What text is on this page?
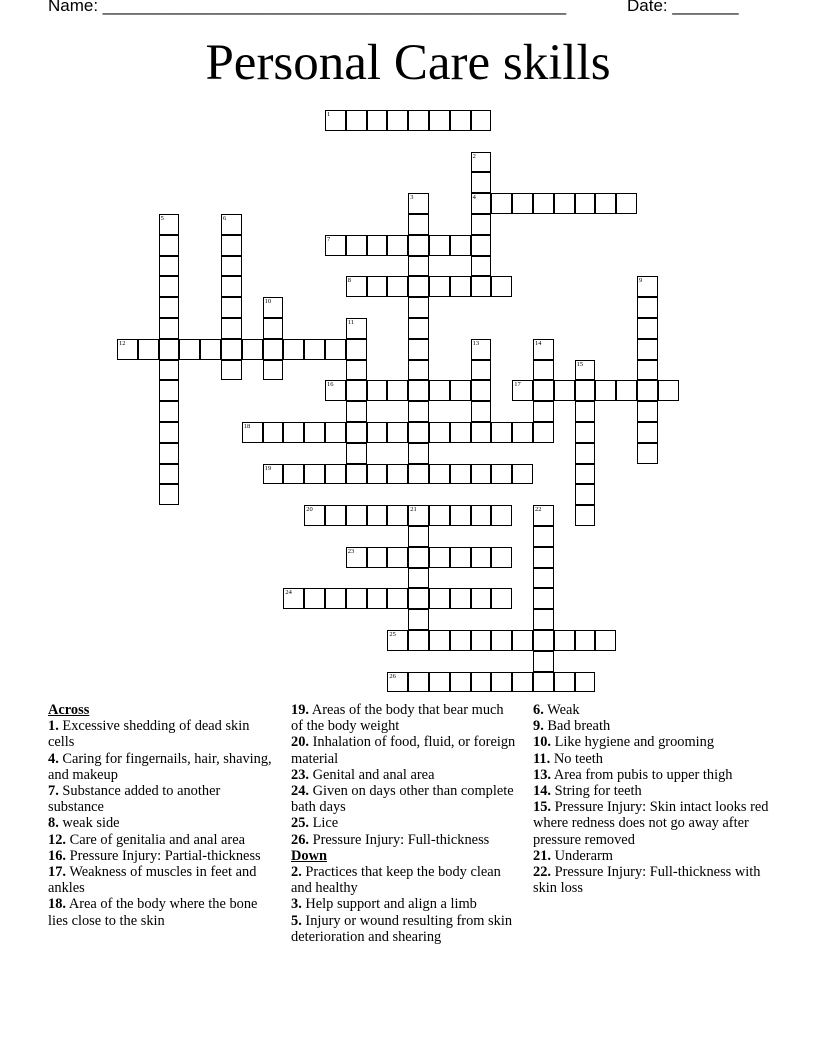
Name: _________________________________________________	Date: _______
Personal Care skills
1
4
7
8
12
16	17
18
19
20	21
23
24
25
26
2
3
5	6
9
10
11
13	14
15
22

Across

1. Excessive shedding of dead skin cells

4. Caring for fingernails, hair, shaving, and makeup

7. Substance added to another substance

8. weak side

12. Care of genitalia and anal area

16. Pressure Injury: Partial-thickness

17. Weakness of muscles in feet and ankles

18. Area of the body where the bone lies close to the skin

19. Areas of the body that bear much of the body weight

20. Inhalation of food, fluid, or foreign material

23. Genital and anal area

24. Given on days other than complete bath days

25. Lice

26. Pressure Injury: Full-thickness

Down

2. Practices that keep the body clean and healthy

3. Help support and align a limb

5. Injury or wound resulting from skin deterioration and shearing

6. Weak

9. Bad breath

10. Like hygiene and grooming

11. No teeth

13. Area from pubis to upper thigh

14. String for teeth

15. Pressure Injury: Skin intact looks red where redness does not go away after pressure removed

21. Underarm

22. Pressure Injury: Full-thickness with skin loss
